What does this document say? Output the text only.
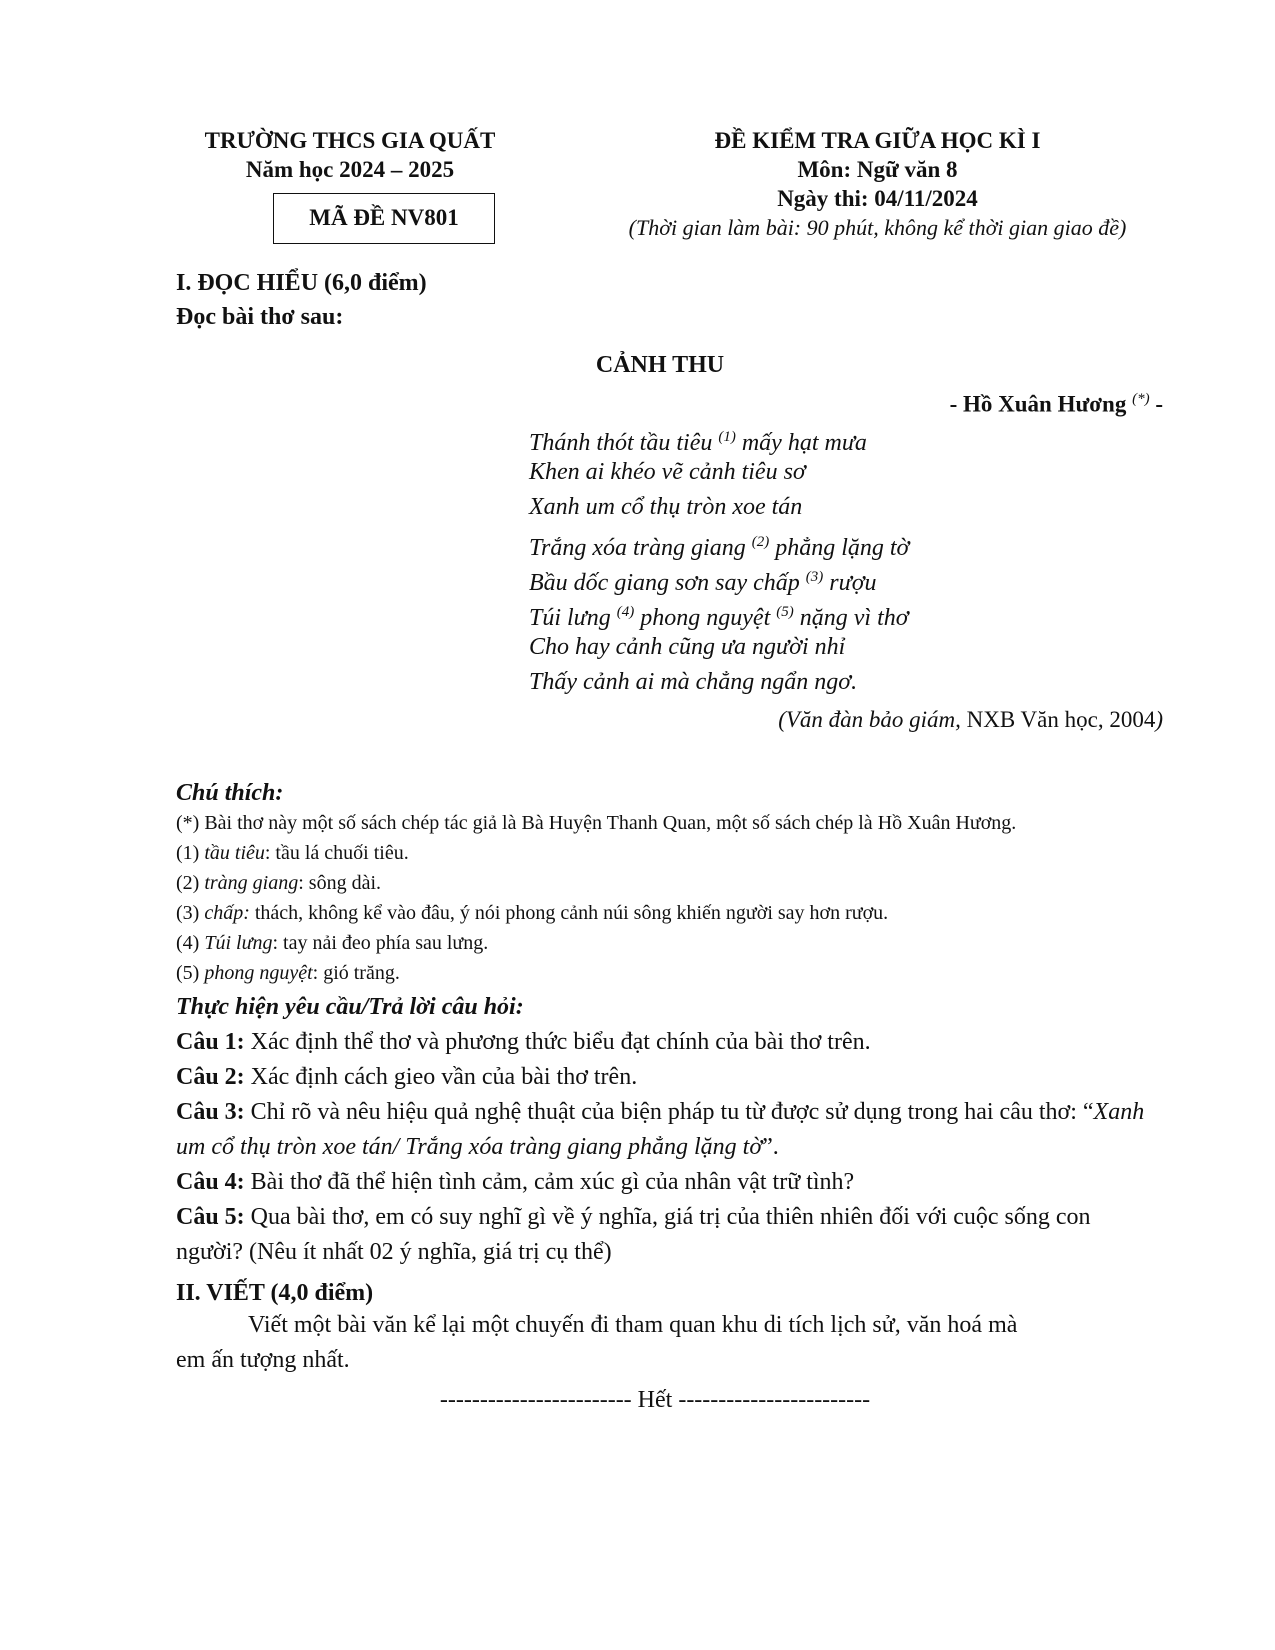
TRƯỜNG THCS GIA QUẤT
Năm học 2024 – 2025
MÃ ĐỀ NV801
ĐỀ KIỂM TRA GIỮA HỌC KÌ I
Môn: Ngữ văn 8
Ngày thi: 04/11/2024
(Thời gian làm bài: 90 phút, không kể thời gian giao đề)
I. ĐỌC HIỂU (6,0 điểm)
Đọc bài thơ sau:
CẢNH THU
- Hồ Xuân Hương (*) -
Thánh thót tầu tiêu $^{(1)}$ mấy hạt mưa
Khen ai khéo vẽ cảnh tiêu sơ
Xanh um cổ thụ tròn xoe tán
Trắng xóa tràng giang $^{(2)}$ phẳng lặng tờ
Bầu dốc giang sơn say chấp $^{(3)}$ rượu
Túi lưng $^{(4)}$ phong nguyệt $^{(5)}$ nặng vì thơ
Cho hay cảnh cũng ưa người nhỉ
Thấy cảnh ai mà chẳng ngẩn ngơ.
(Văn đàn bảo giám, NXB Văn học, 2004)
Chú thích:
(*) Bài thơ này một số sách chép tác giả là Bà Huyện Thanh Quan, một số sách chép là Hồ Xuân Hương.
(1) tầu tiêu: tầu lá chuối tiêu.
(2) tràng giang: sông dài.
(3) chấp: thách, không kể vào đâu, ý nói phong cảnh núi sông khiến người say hơn rượu.
(4) Túi lưng: tay nải đeo phía sau lưng.
(5) phong nguyệt: gió trăng.
Thực hiện yêu cầu/Trả lời câu hỏi:
Câu 1: Xác định thể thơ và phương thức biểu đạt chính của bài thơ trên.
Câu 2: Xác định cách gieo vần của bài thơ trên.
Câu 3: Chỉ rõ và nêu hiệu quả nghệ thuật của biện pháp tu từ được sử dụng trong hai câu thơ: “Xanh um cổ thụ tròn xoe tán/ Trắng xóa tràng giang phẳng lặng tờ”.
Câu 4: Bài thơ đã thể hiện tình cảm, cảm xúc gì của nhân vật trữ tình?
Câu 5: Qua bài thơ, em có suy nghĩ gì về ý nghĩa, giá trị của thiên nhiên đối với cuộc sống con người? (Nêu ít nhất 02 ý nghĩa, giá trị cụ thể)
II. VIẾT (4,0 điểm)
Viết một bài văn kể lại một chuyến đi tham quan khu di tích lịch sử, văn hoá mà
em ấn tượng nhất.
------------------------ Hết ------------------------
